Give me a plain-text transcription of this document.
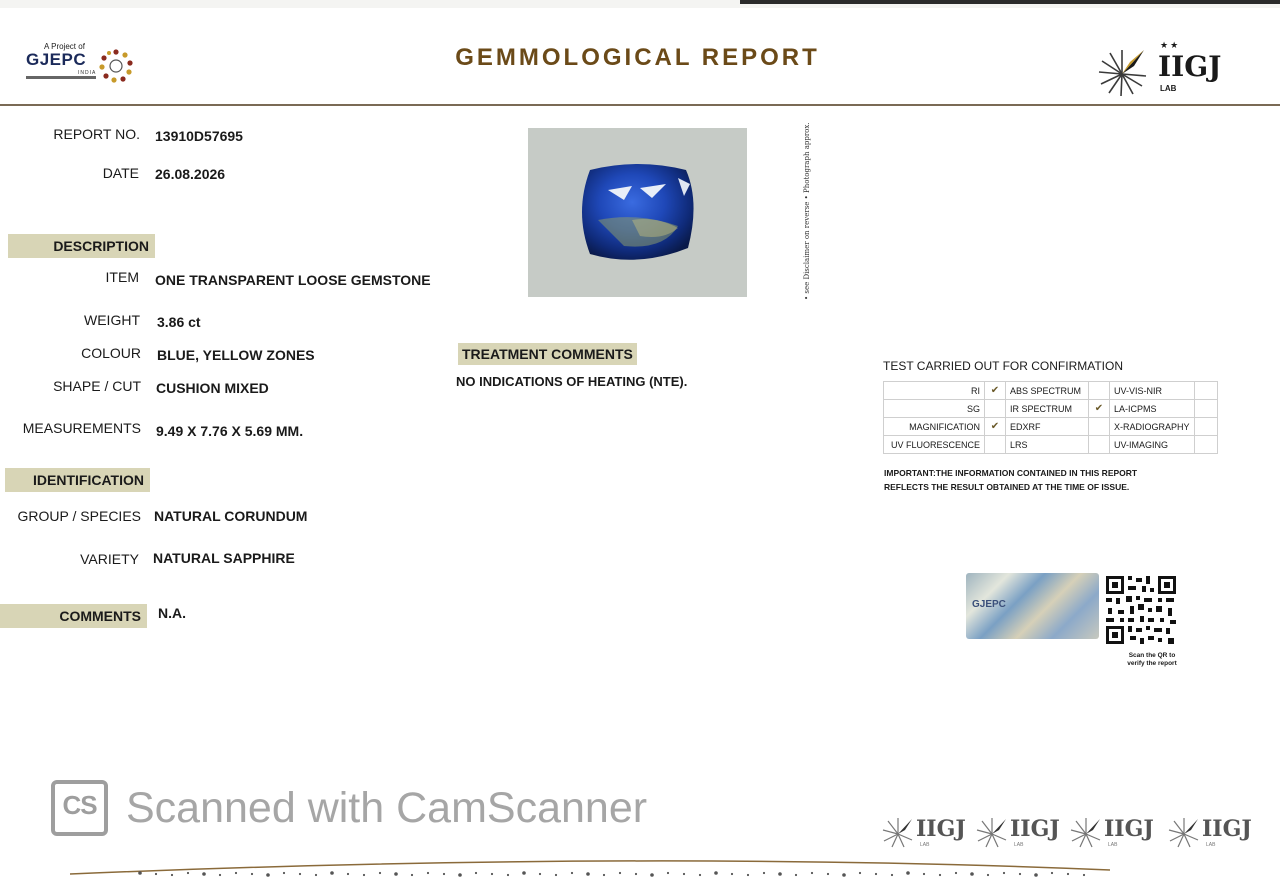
A Project of
GJEPC
INDIA
GEMMOLOGICAL REPORT	★★
IIGJ
LAB
REPORT NO. 13910D57695
DATE 26.08.2026
DESCRIPTION
ITEM ONE TRANSPARENT LOOSE GEMSTONE
WEIGHT 3.86 ct
COLOUR BLUE, YELLOW ZONES
SHAPE / CUT CUSHION MIXED
MEASUREMENTS 9.49 X 7.76 X 5.69 MM.
IDENTIFICATION
GROUP / SPECIES NATURAL CORUNDUM
VARIETY NATURAL SAPPHIRE
COMMENTS	N.A.
• see Disclaimer on reverse • Photograph approx.
TREATMENT COMMENTS
NO INDICATIONS OF HEATING (NTE).
TEST CARRIED OUT FOR CONFIRMATION
RI	✔	ABS SPECTRUM		UV-VIS-NIR	
SG		IR SPECTRUM	✔	LA-ICPMS	
MAGNIFICATION	✔	EDXRF		X-RADIOGRAPHY	
UV FLUORESCENCE		LRS		UV-IMAGING	
IMPORTANT:THE INFORMATION CONTAINED IN THIS REPORT REFLECTS THE RESULT OBTAINED AT THE TIME OF ISSUE.
GJEPC
Scan the QR to
verify the report
CS Scanned with CamScanner	IIGJ
LAB
IIGJ
LAB
IIGJ
LAB
IIGJ
LAB
